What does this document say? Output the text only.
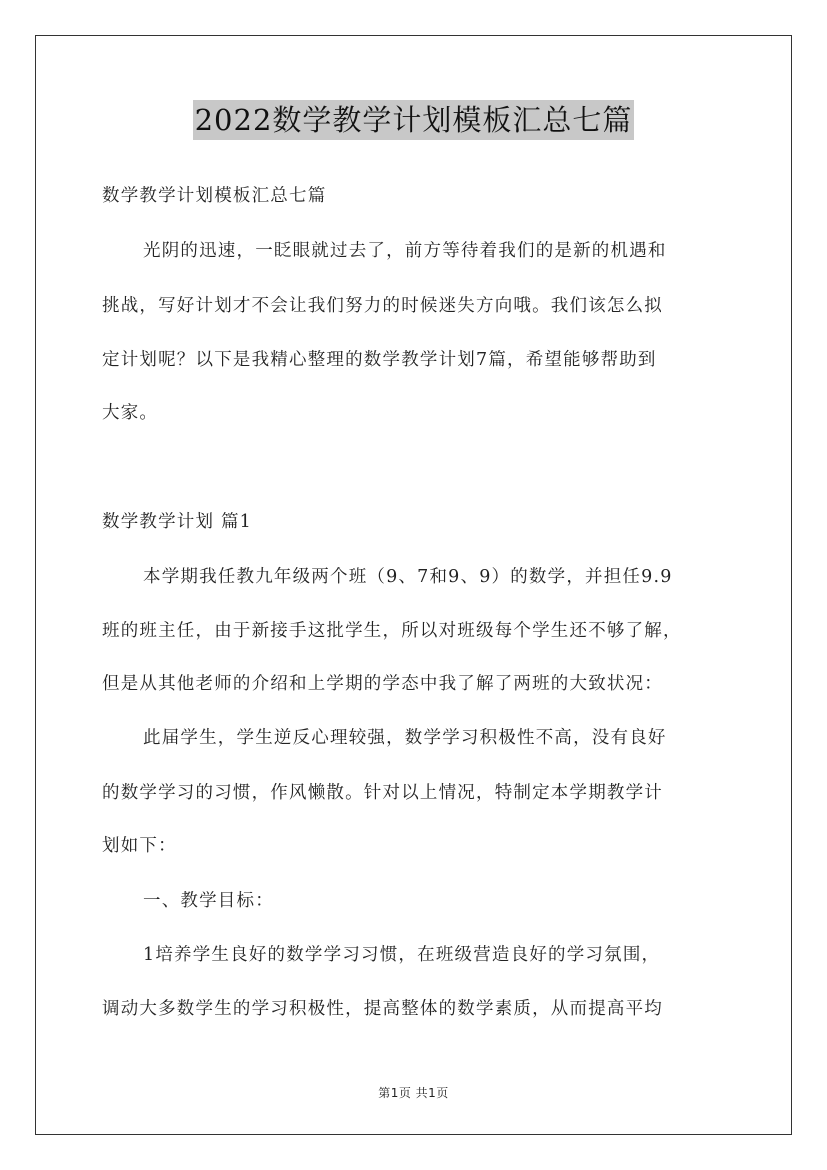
2022数学教学计划模板汇总七篇
数学教学计划模板汇总七篇
光阴的迅速，一眨眼就过去了，前方等待着我们的是新的机遇和
挑战，写好计划才不会让我们努力的时候迷失方向哦。我们该怎么拟
定计划呢？以下是我精心整理的数学教学计划7篇，希望能够帮助到
大家。
数学教学计划 篇1
本学期我任教九年级两个班（9、7和9、9）的数学，并担任9.9
班的班主任，由于新接手这批学生，所以对班级每个学生还不够了解，
但是从其他老师的介绍和上学期的学态中我了解了两班的大致状况：
此届学生，学生逆反心理较强，数学学习积极性不高，没有良好
的数学学习的习惯，作风懒散。针对以上情况，特制定本学期教学计
划如下：
一、教学目标：
1培养学生良好的数学学习习惯，在班级营造良好的学习氛围，
调动大多数学生的学习积极性，提高整体的数学素质，从而提高平均
第1页 共1页
